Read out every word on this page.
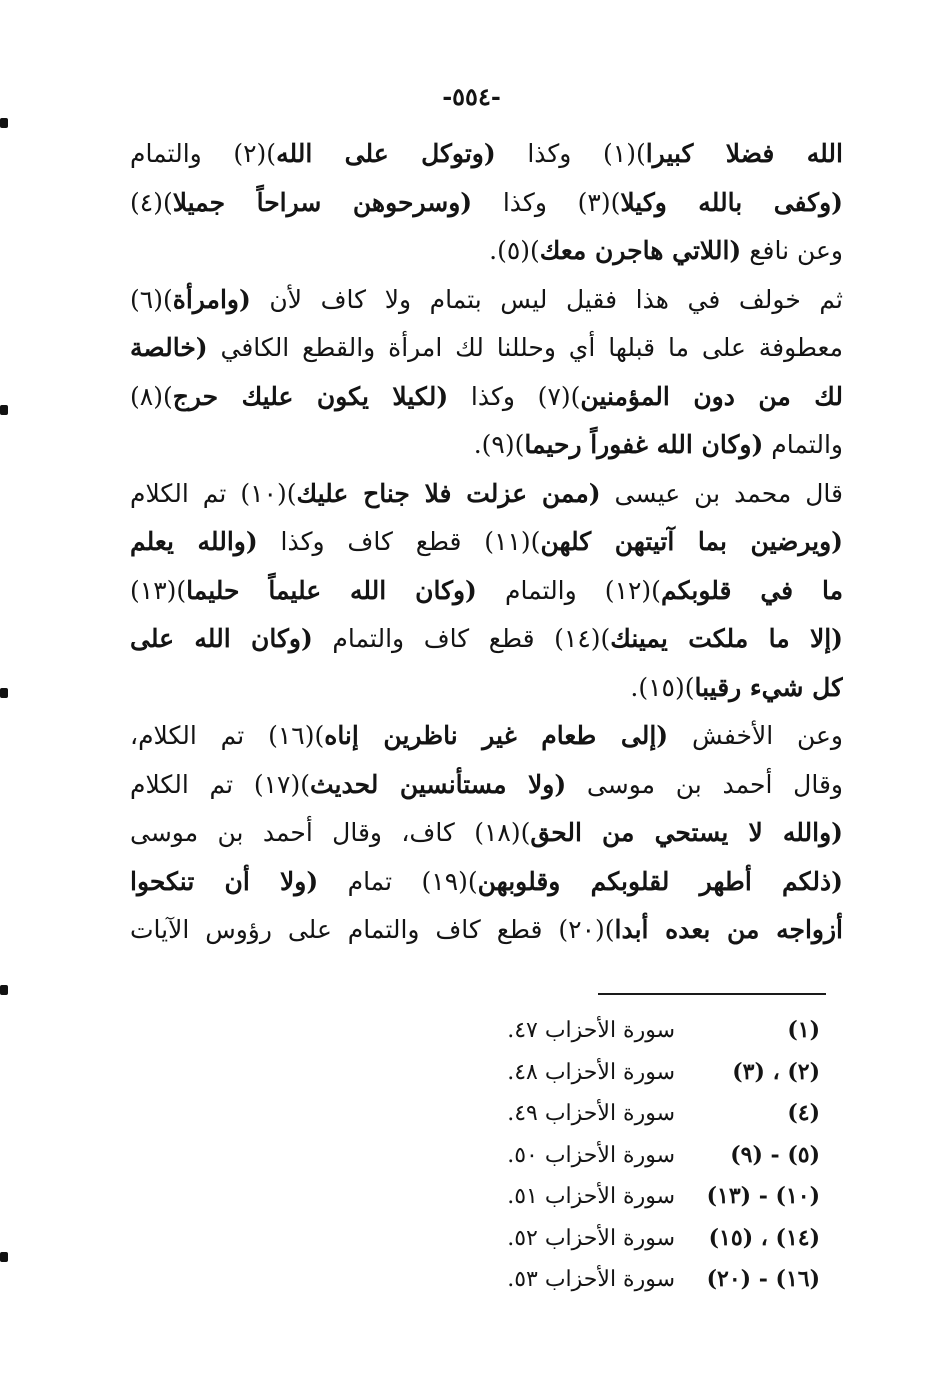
-٥٥٤-
الله فضلا كبيرا)(١) وكذا (وتوكل على الله)(٢) والتمام
(وكفى بالله وكيلا)(٣) وكذا (وسرحوهن سراحاً جميلا)(٤)
وعن نافع (اللاتي هاجرن معك)(٥).
ثم خولف في هذا فقيل ليس بتمام ولا كاف لأن (وامرأة)(٦)
معطوفة على ما قبلها أي وحللنا لك امرأة والقطع الكافي (خالصة
لك من دون المؤمنين)(٧) وكذا (لكيلا يكون عليك حرج)(٨)
والتمام (وكان الله غفوراً رحيما)(٩).
قال محمد بن عيسى (ممن عزلت فلا جناح عليك)(١٠) تم الكلام
(ويرضين بما آتيتهن كلهن)(١١) قطع كاف وكذا (والله يعلم
ما في قلوبكم)(١٢) والتمام (وكان الله عليماً حليما)(١٣)
(إلا ما ملكت يمينك)(١٤) قطع كاف والتمام (وكان الله على
كل شيء رقيبا)(١٥).
وعن الأخفش (إلى طعام غير ناظرين إناه)(١٦) تم الكلام،
وقال أحمد بن موسى (ولا مستأنسين لحديث)(١٧) تم الكلام
(والله لا يستحي من الحق)(١٨) كاف، وقال أحمد بن موسى
(ذلكم أطهر لقلوبكم وقلوبهن)(١٩) تمام (ولا أن تنكحوا
أزواجه من بعده أبدا)(٢٠) قطع كاف والتمام على رؤوس الآيات
(١)
سورة الأحزاب ٤٧.
(٢) ، (٣)
سورة الأحزاب ٤٨.
(٤)
سورة الأحزاب ٤٩.
(٥) - (٩)
سورة الأحزاب ٥٠.
(١٠) - (١٣)
سورة الأحزاب ٥١.
(١٤) ، (١٥)
سورة الأحزاب ٥٢.
(١٦) - (٢٠)
سورة الأحزاب ٥٣.
